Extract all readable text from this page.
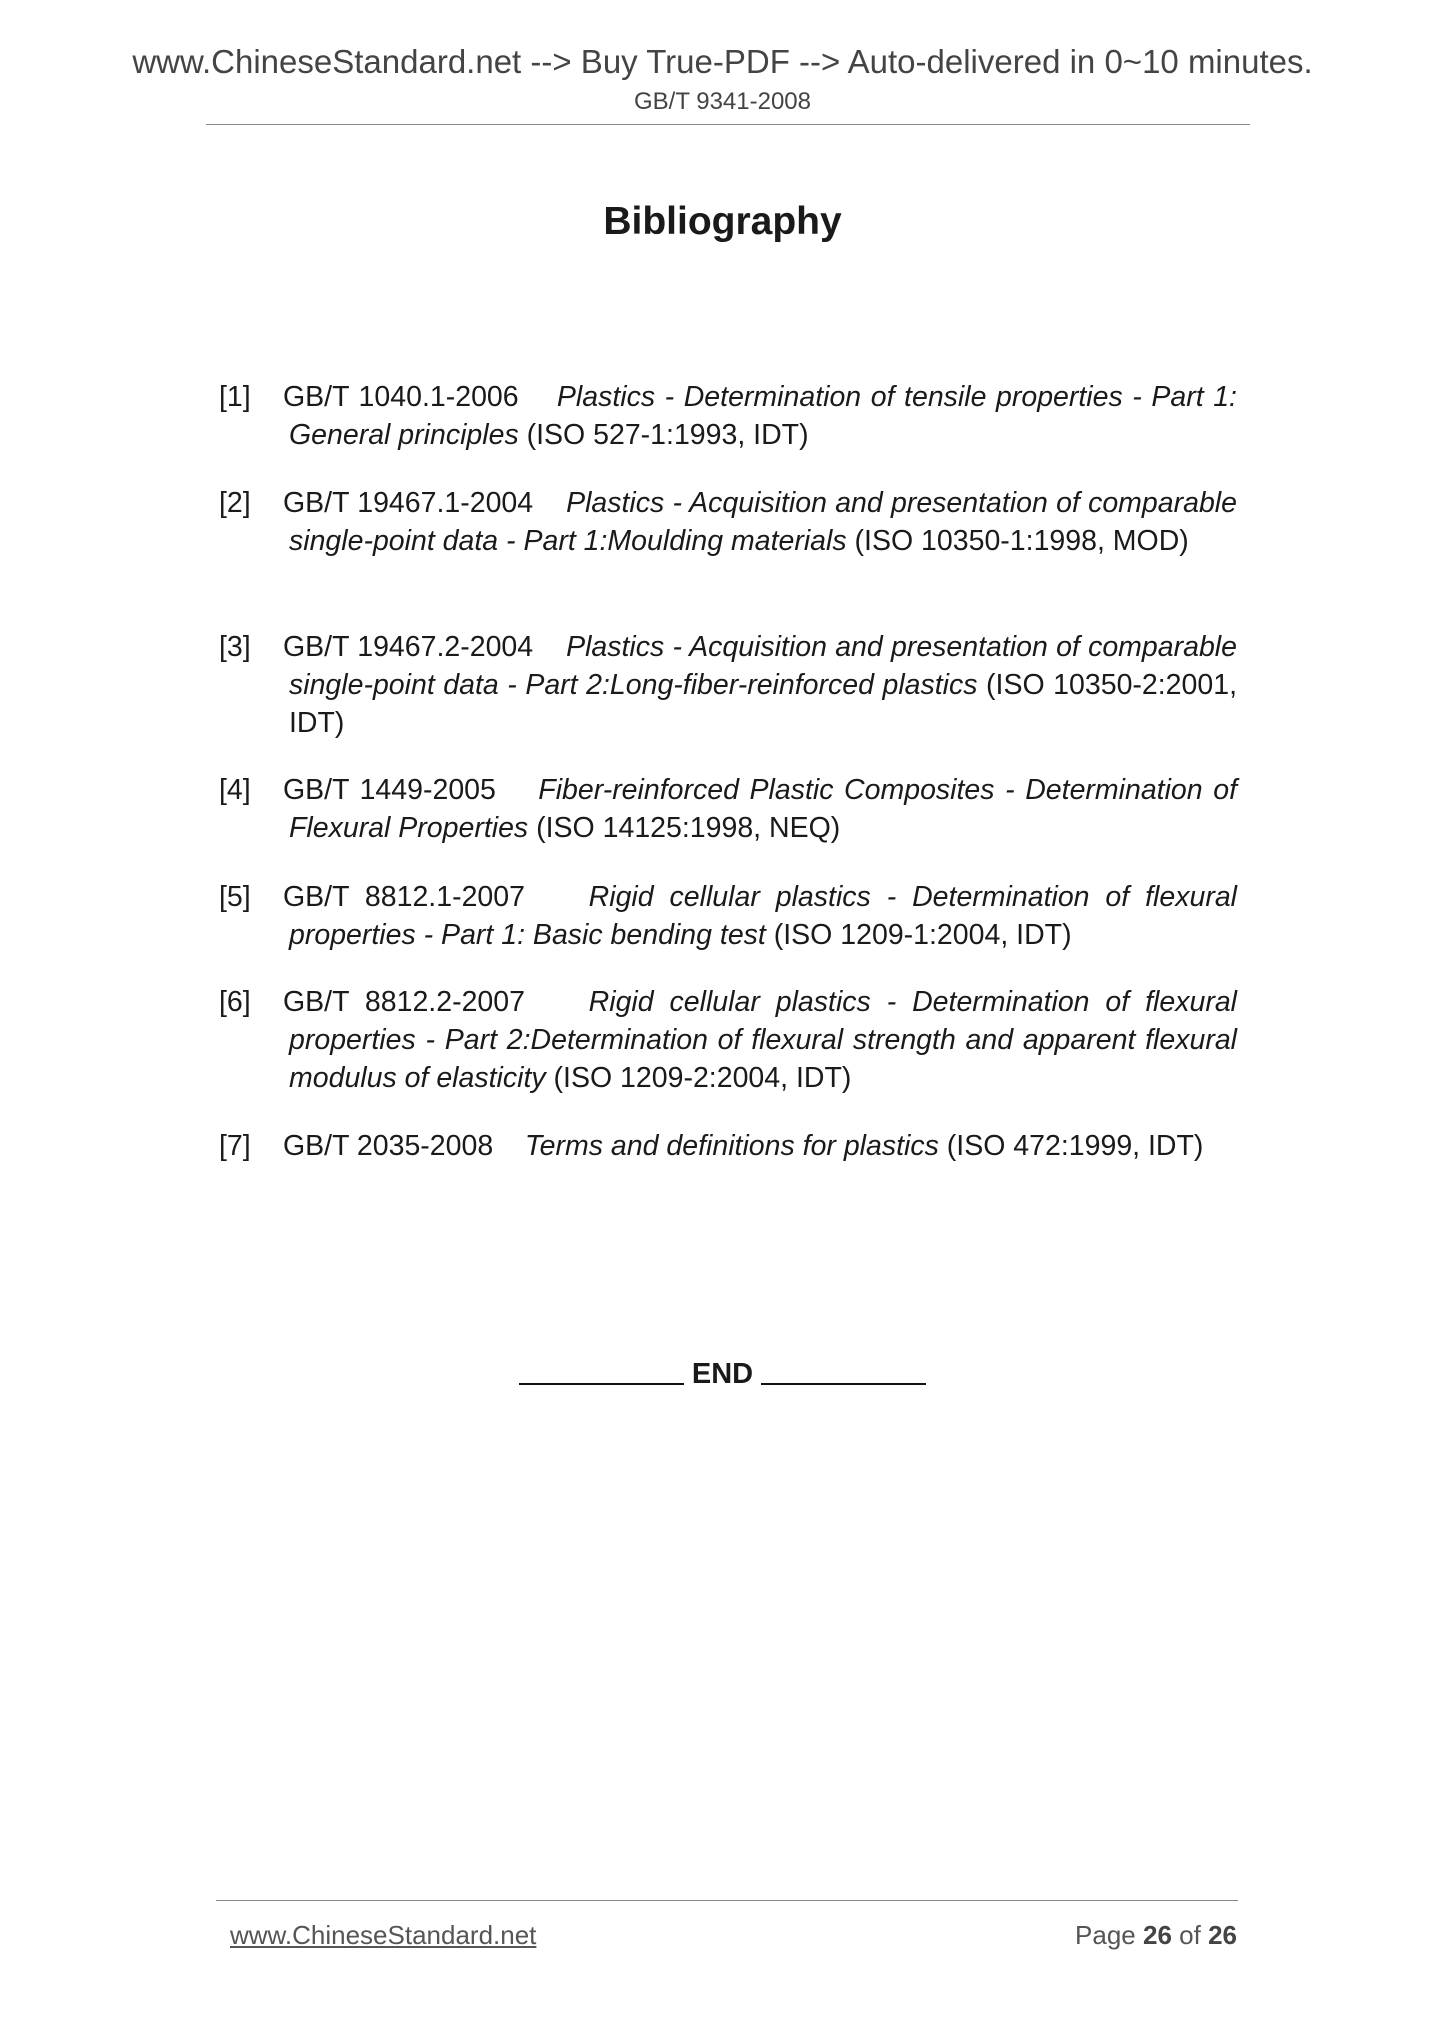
www.ChineseStandard.net --> Buy True-PDF --> Auto-delivered in 0~10 minutes.
GB/T 9341-2008
Bibliography
[1] GB/T 1040.1-2006 Plastics - Determination of tensile properties - Part 1: General principles (ISO 527-1:1993, IDT)
[2] GB/T 19467.1-2004 Plastics - Acquisition and presentation of comparable single-point data - Part 1:Moulding materials (ISO 10350-1:1998, MOD)
[3] GB/T 19467.2-2004 Plastics - Acquisition and presentation of comparable single-point data - Part 2:Long-fiber-reinforced plastics (ISO 10350-2:2001, IDT)
[4] GB/T 1449-2005 Fiber-reinforced Plastic Composites - Determination of Flexural Properties (ISO 14125:1998, NEQ)
[5] GB/T 8812.1-2007 Rigid cellular plastics - Determination of flexural properties - Part 1: Basic bending test (ISO 1209-1:2004, IDT)
[6] GB/T 8812.2-2007 Rigid cellular plastics - Determination of flexural properties - Part 2:Determination of flexural strength and apparent flexural modulus of elasticity (ISO 1209-2:2004, IDT)
[7] GB/T 2035-2008 Terms and definitions for plastics (ISO 472:1999, IDT)
END
www.ChineseStandard.net	Page 26 of 26
